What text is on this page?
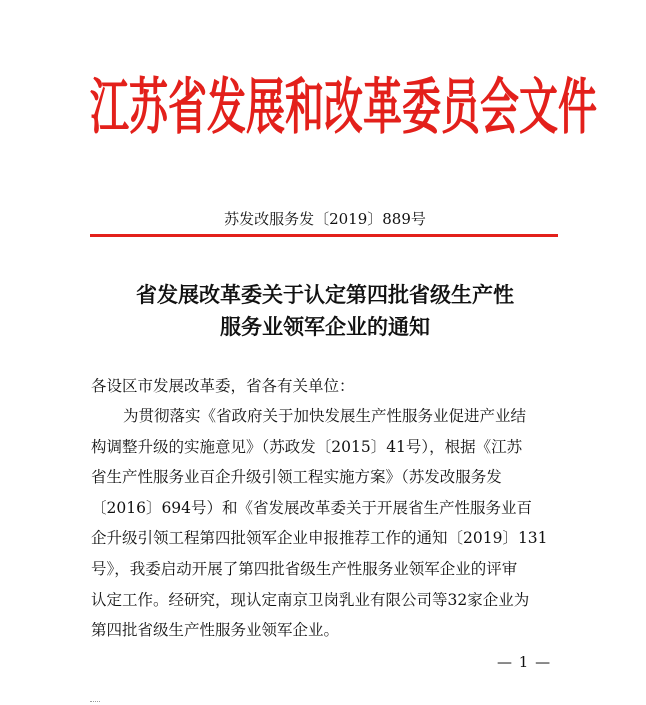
江苏省发展和改革委员会文件
苏发改服务发〔2019〕889号
省发展改革委关于认定第四批省级生产性
服务业领军企业的通知
各设区市发展改革委，省各有关单位：
为贯彻落实《省政府关于加快发展生产性服务业促进产业结
构调整升级的实施意见》（苏政发〔2015〕41号），根据《江苏
省生产性服务业百企升级引领工程实施方案》（苏发改服务发
〔2016〕694号）和《省发展改革委关于开展省生产性服务业百
企升级引领工程第四批领军企业申报推荐工作的通知〔2019〕131
号》，我委启动开展了第四批省级生产性服务业领军企业的评审
认定工作。经研究，现认定南京卫岗乳业有限公司等32家企业为
第四批省级生产性服务业领军企业。
— 1 —
